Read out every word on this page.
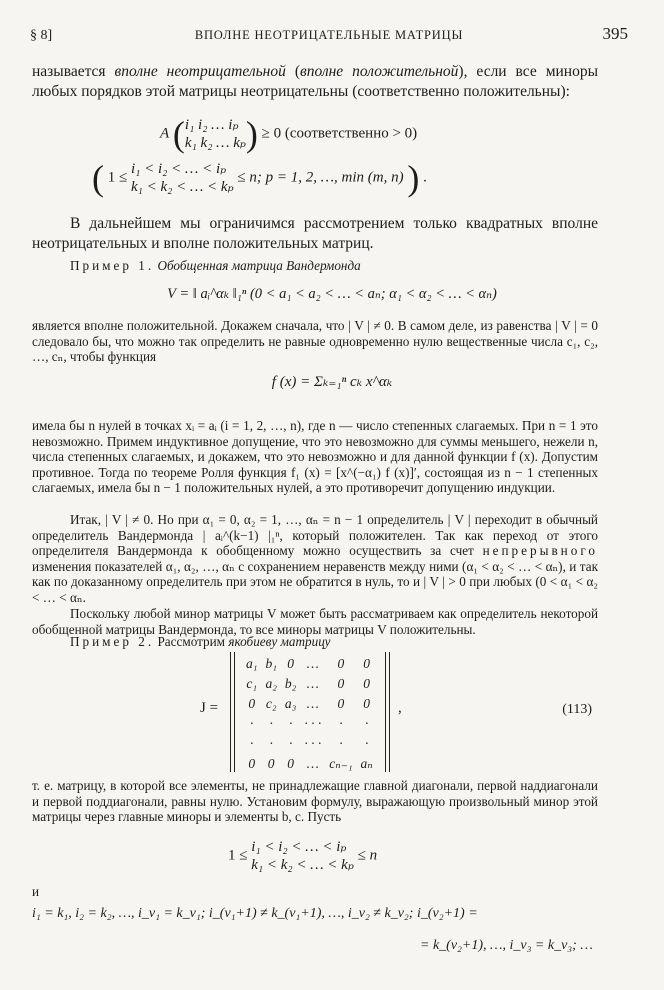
§ 8]	ВПОЛНЕ НЕОТРИЦАТЕЛЬНЫЕ МАТРИЦЫ	395
называется вполне неотрицательной (вполне положительной), если все миноры любых порядков этой матрицы неотрицательны (соответственно положительны):
A (i₁ i₂ … iₚ
k₁ k₂ … kₚ) ≥ 0 (соответственно > 0)
( 1 ≤ i₁ < i₂ < … < iₚ
k₁ < k₂ < … < kₚ ≤ n; p = 1, 2, …, min (m, n) ) .
В дальнейшем мы ограничимся рассмотрением только квадратных вполне неотрицательных и вполне положительных матриц.
Пример 1. Обобщенная матрица Вандермонда
V = ‖ aᵢ^αₖ ‖₁ⁿ (0 < a₁ < a₂ < … < aₙ; α₁ < α₂ < … < αₙ)
является вполне положительной. Докажем сначала, что | V | ≠ 0. В самом деле, из равенства | V | = 0 следовало бы, что можно так определить не равные одновременно нулю вещественные числа c₁, c₂, …, cₙ, чтобы функция
f (x) = Σₖ₌₁ⁿ cₖ x^αₖ
имела бы n нулей в точках xᵢ = aᵢ (i = 1, 2, …, n), где n — число степенных слагаемых. При n = 1 это невозможно. Примем индуктивное допущение, что это невозможно для суммы меньшего, нежели n, числа степенных слагаемых, и докажем, что это невозможно и для данной функции f (x). Допустим противное. Тогда по теореме Ролля функция f₁ (x) = [x^(−α₁) f (x)]′, состоящая из n − 1 степенных слагаемых, имела бы n − 1 положительных нулей, а это противоречит допущению индукции.
Итак, | V | ≠ 0. Но при α₁ = 0, α₂ = 1, …, αₙ = n − 1 определитель | V | переходит в обычный определитель Вандермонда | aᵢ^(k−1) |₁ⁿ, который положителен. Так как переход от этого определителя Вандермонда к обобщенному можно осуществить за счет непрерывного изменения показателей α₁, α₂, …, αₙ с сохранением неравенств между ними (α₁ < α₂ < … < αₙ), и так как по доказанному определитель при этом не обратится в нуль, то и | V | > 0 при любых (0 < α₁ < α₂ < … < αₙ.
Поскольку любой минор матрицы V может быть рассматриваем как определитель некоторой обобщенной матрицы Вандермонда, то все миноры матрицы V положительны.
Пример 2. Рассмотрим якобиеву матрицу
J =
a₁	b₁	0	…	0	0
c₁	a₂	b₂	…	0	0
0	c₂	a₃	…	0	0
·	·	·	· · ·	·	·
·	·	·	· · ·	·	·
0	0	0	…	cₙ₋₁	aₙ
,	(113)
т. е. матрицу, в которой все элементы, не принадлежащие главной диагонали, первой наддиагонали и первой поддиагонали, равны нулю. Установим формулу, выражающую произвольный минор этой матрицы через главные миноры и элементы b, c. Пусть
1 ≤ i₁ < i₂ < … < iₚ
k₁ < k₂ < … < kₚ ≤ n
и
i₁ = k₁, i₂ = k₂, …, i_ν₁ = k_ν₁; i_(ν₁+1) ≠ k_(ν₁+1), …, i_ν₂ ≠ k_ν₂; i_(ν₂+1) =
= k_(ν₂+1), …, i_ν₃ = k_ν₃; …
